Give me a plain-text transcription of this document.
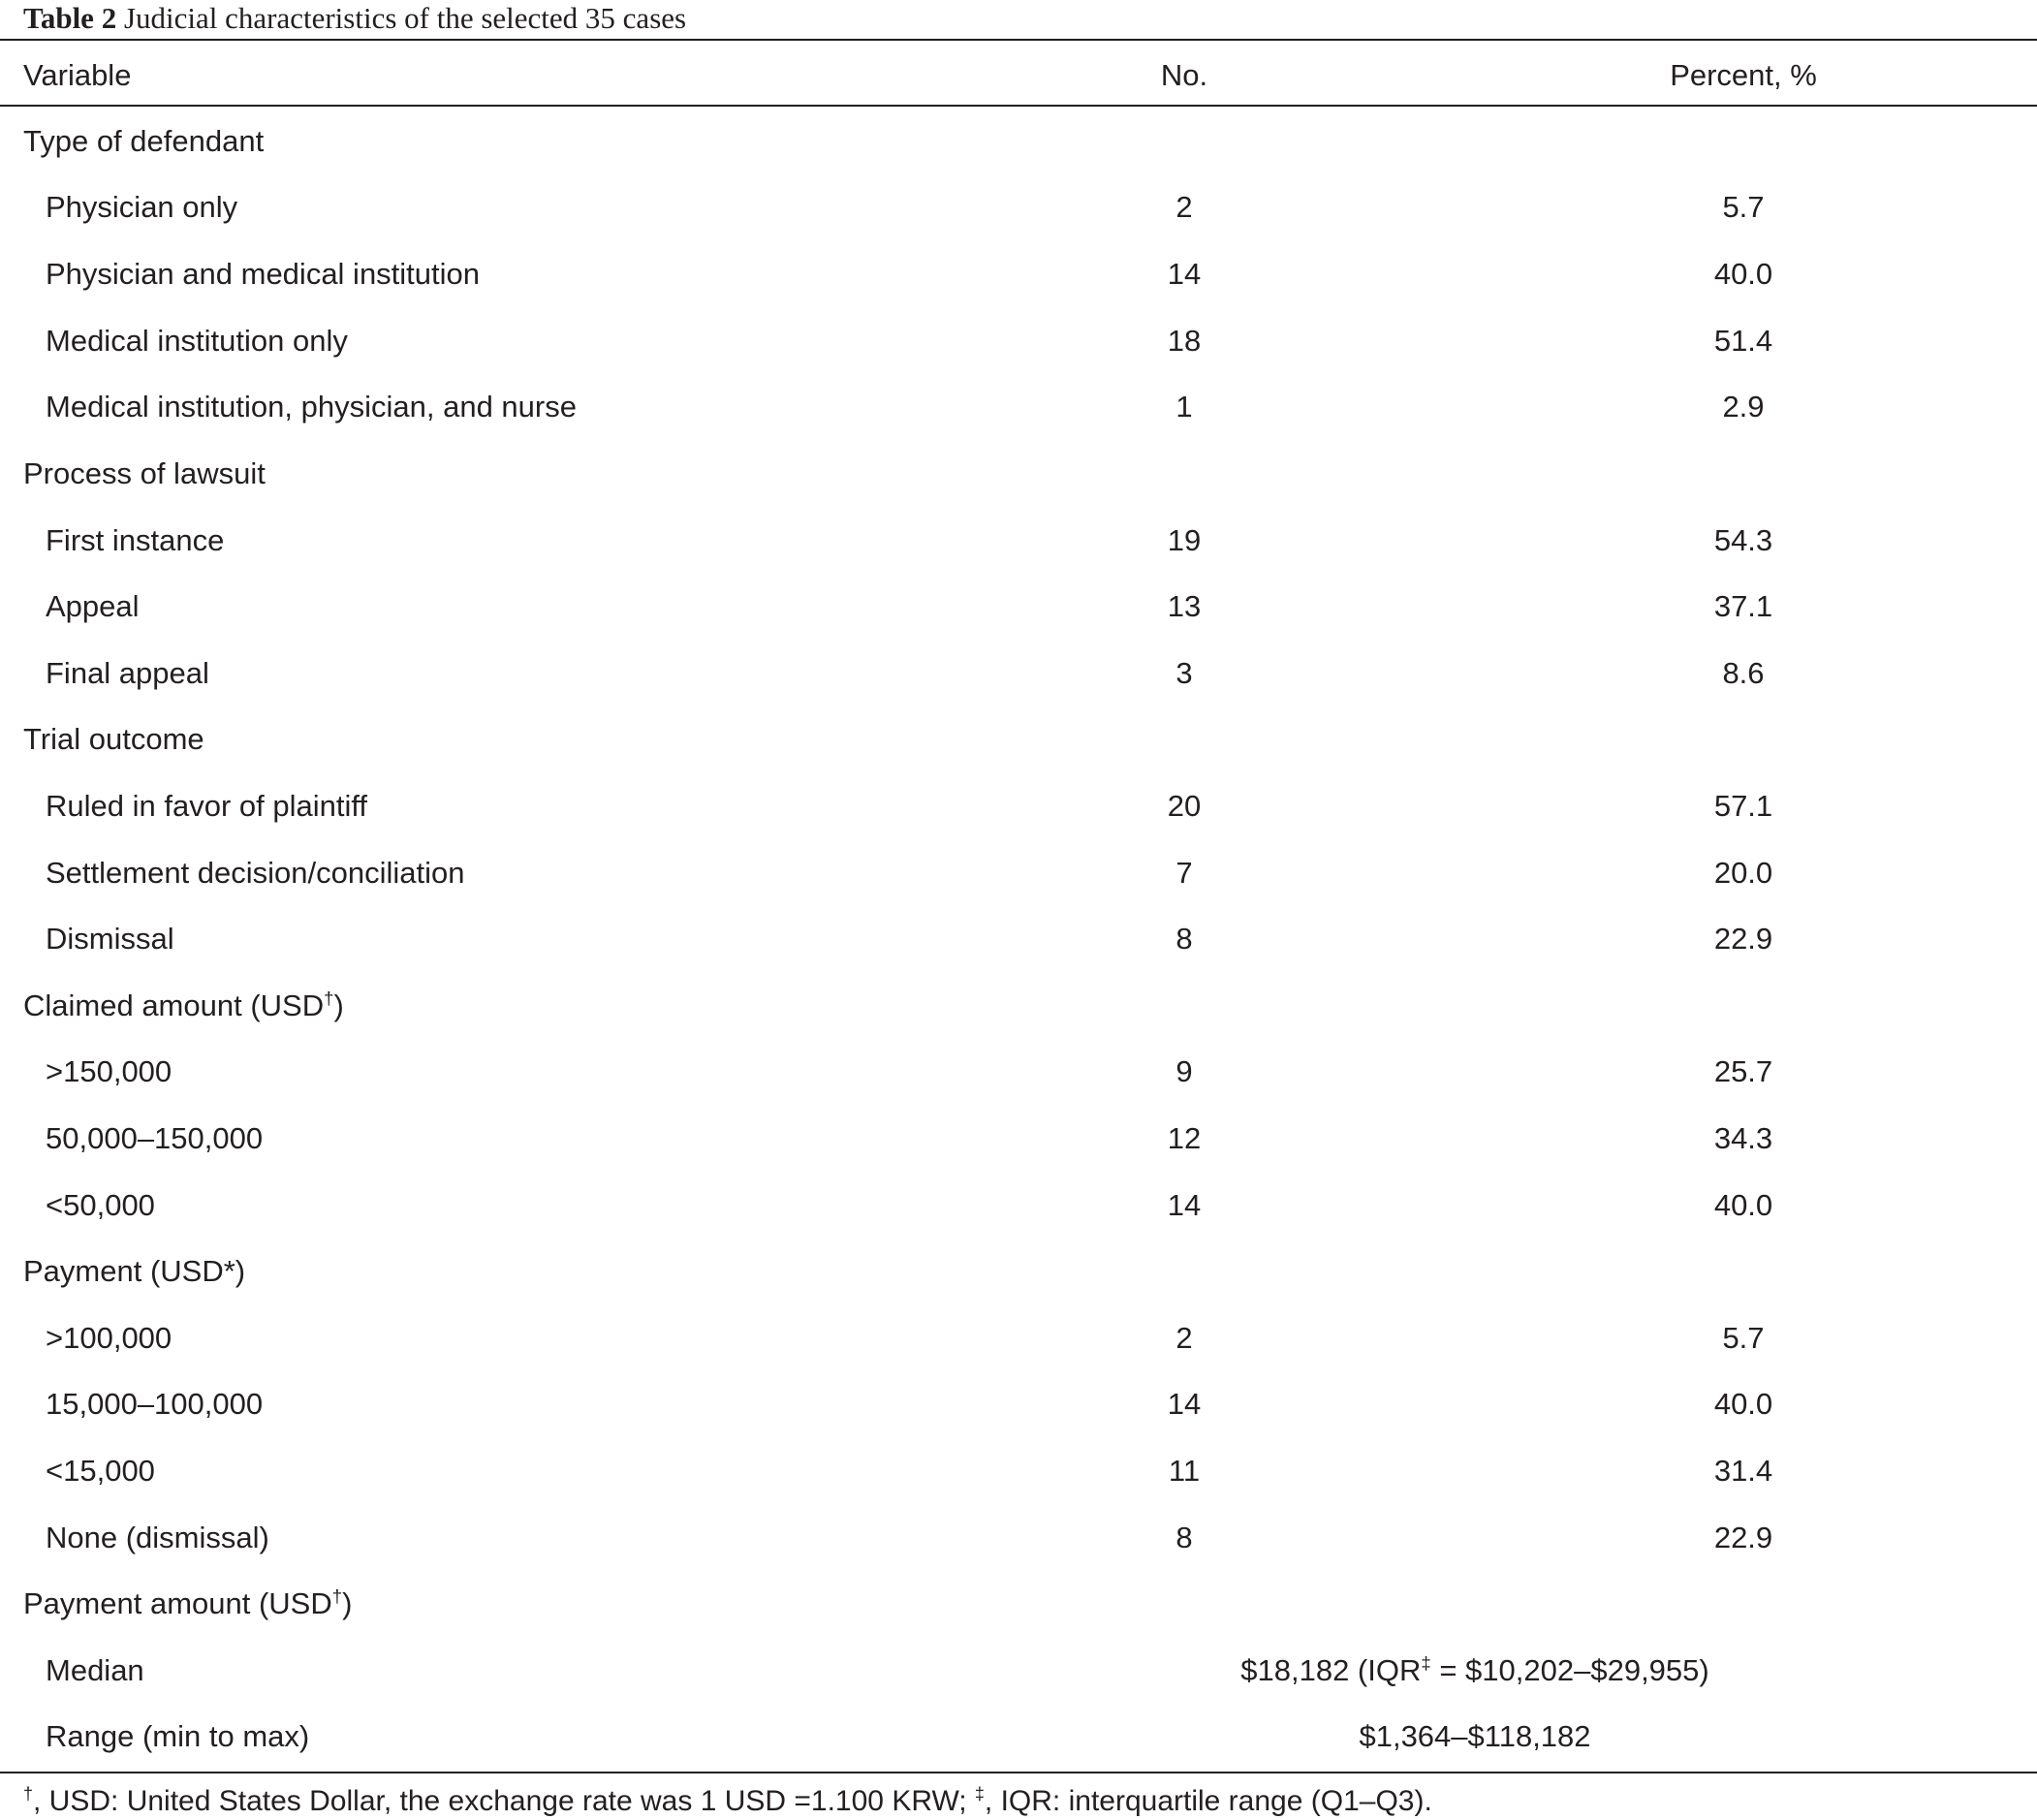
Table 2 Judicial characteristics of the selected 35 cases
Variable	No.	Percent, %
Type of defendant
Physician only	2	5.7
Physician and medical institution	14	40.0
Medical institution only	18	51.4
Medical institution, physician, and nurse	1	2.9
Process of lawsuit
First instance	19	54.3
Appeal	13	37.1
Final appeal	3	8.6
Trial outcome
Ruled in favor of plaintiff	20	57.1
Settlement decision/conciliation	7	20.0
Dismissal	8	22.9
Claimed amount (USD†)
>150,000	9	25.7
50,000–150,000	12	34.3
<50,000	14	40.0
Payment (USD*)
>100,000	2	5.7
15,000–100,000	14	40.0
<15,000	11	31.4
None (dismissal)	8	22.9
Payment amount (USD†)
Median	$18,182 (IQR‡ = $10,202–$29,955)
Range (min to max)	$1,364–$118,182
†, USD: United States Dollar, the exchange rate was 1 USD =1.100 KRW; ‡, IQR: interquartile range (Q1–Q3).
